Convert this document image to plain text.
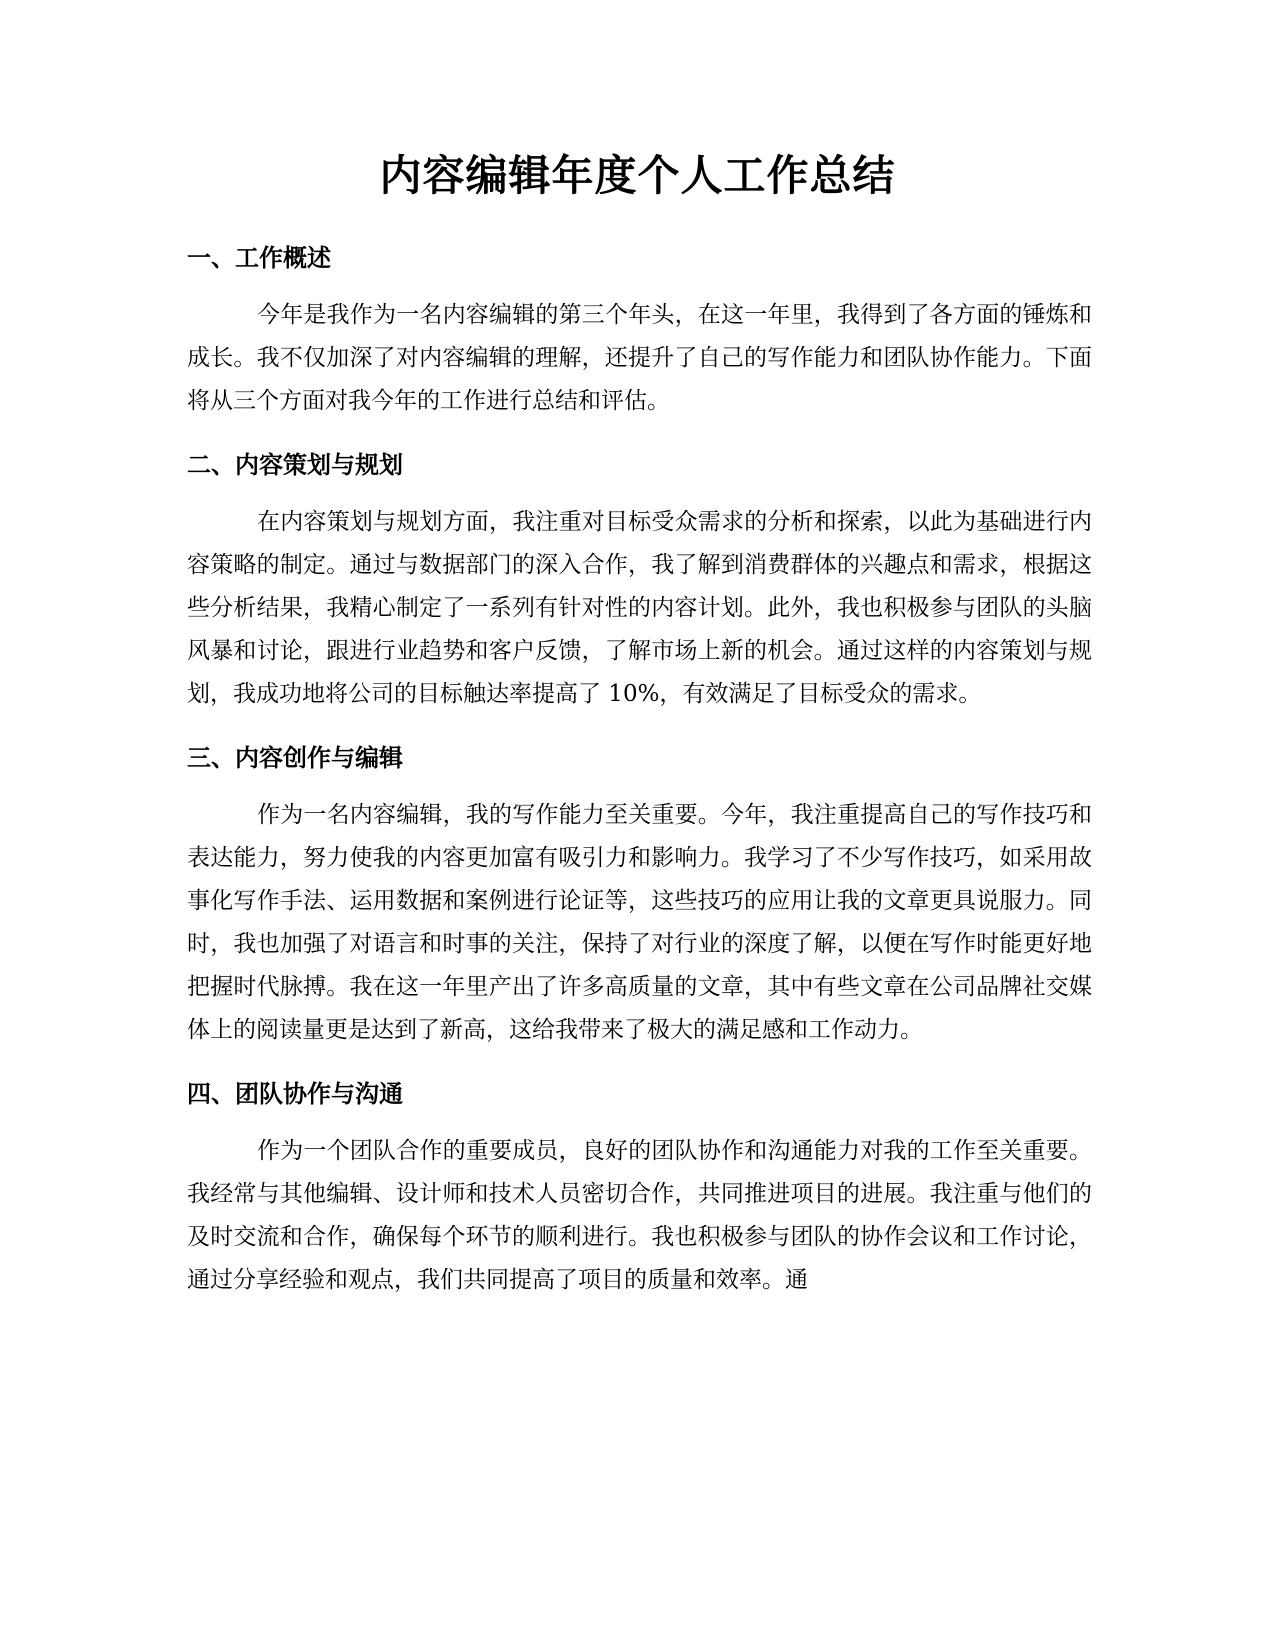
内容编辑年度个人工作总结
一、工作概述

今年是我作为一名内容编辑的第三个年头，在这一年里，我得到了各方面的锤炼和成长。我不仅加深了对内容编辑的理解，还提升了自己的写作能力和团队协作能力。下面将从三个方面对我今年的工作进行总结和评估。

二、内容策划与规划

在内容策划与规划方面，我注重对目标受众需求的分析和探索，以此为基础进行内容策略的制定。通过与数据部门的深入合作，我了解到消费群体的兴趣点和需求，根据这些分析结果，我精心制定了一系列有针对性的内容计划。此外，我也积极参与团队的头脑风暴和讨论，跟进行业趋势和客户反馈，了解市场上新的机会。通过这样的内容策划与规划，我成功地将公司的目标触达率提高了 10%，有效满足了目标受众的需求。

三、内容创作与编辑

作为一名内容编辑，我的写作能力至关重要。今年，我注重提高自己的写作技巧和表达能力，努力使我的内容更加富有吸引力和影响力。我学习了不少写作技巧，如采用故事化写作手法、运用数据和案例进行论证等，这些技巧的应用让我的文章更具说服力。同时，我也加强了对语言和时事的关注，保持了对行业的深度了解，以便在写作时能更好地把握时代脉搏。我在这一年里产出了许多高质量的文章，其中有些文章在公司品牌社交媒体上的阅读量更是达到了新高，这给我带来了极大的满足感和工作动力。

四、团队协作与沟通

作为一个团队合作的重要成员，良好的团队协作和沟通能力对我的工作至关重要。我经常与其他编辑、设计师和技术人员密切合作，共同推进项目的进展。我注重与他们的及时交流和合作，确保每个环节的顺利进行。我也积极参与团队的协作会议和工作讨论，通过分享经验和观点，我们共同提高了项目的质量和效率。通
